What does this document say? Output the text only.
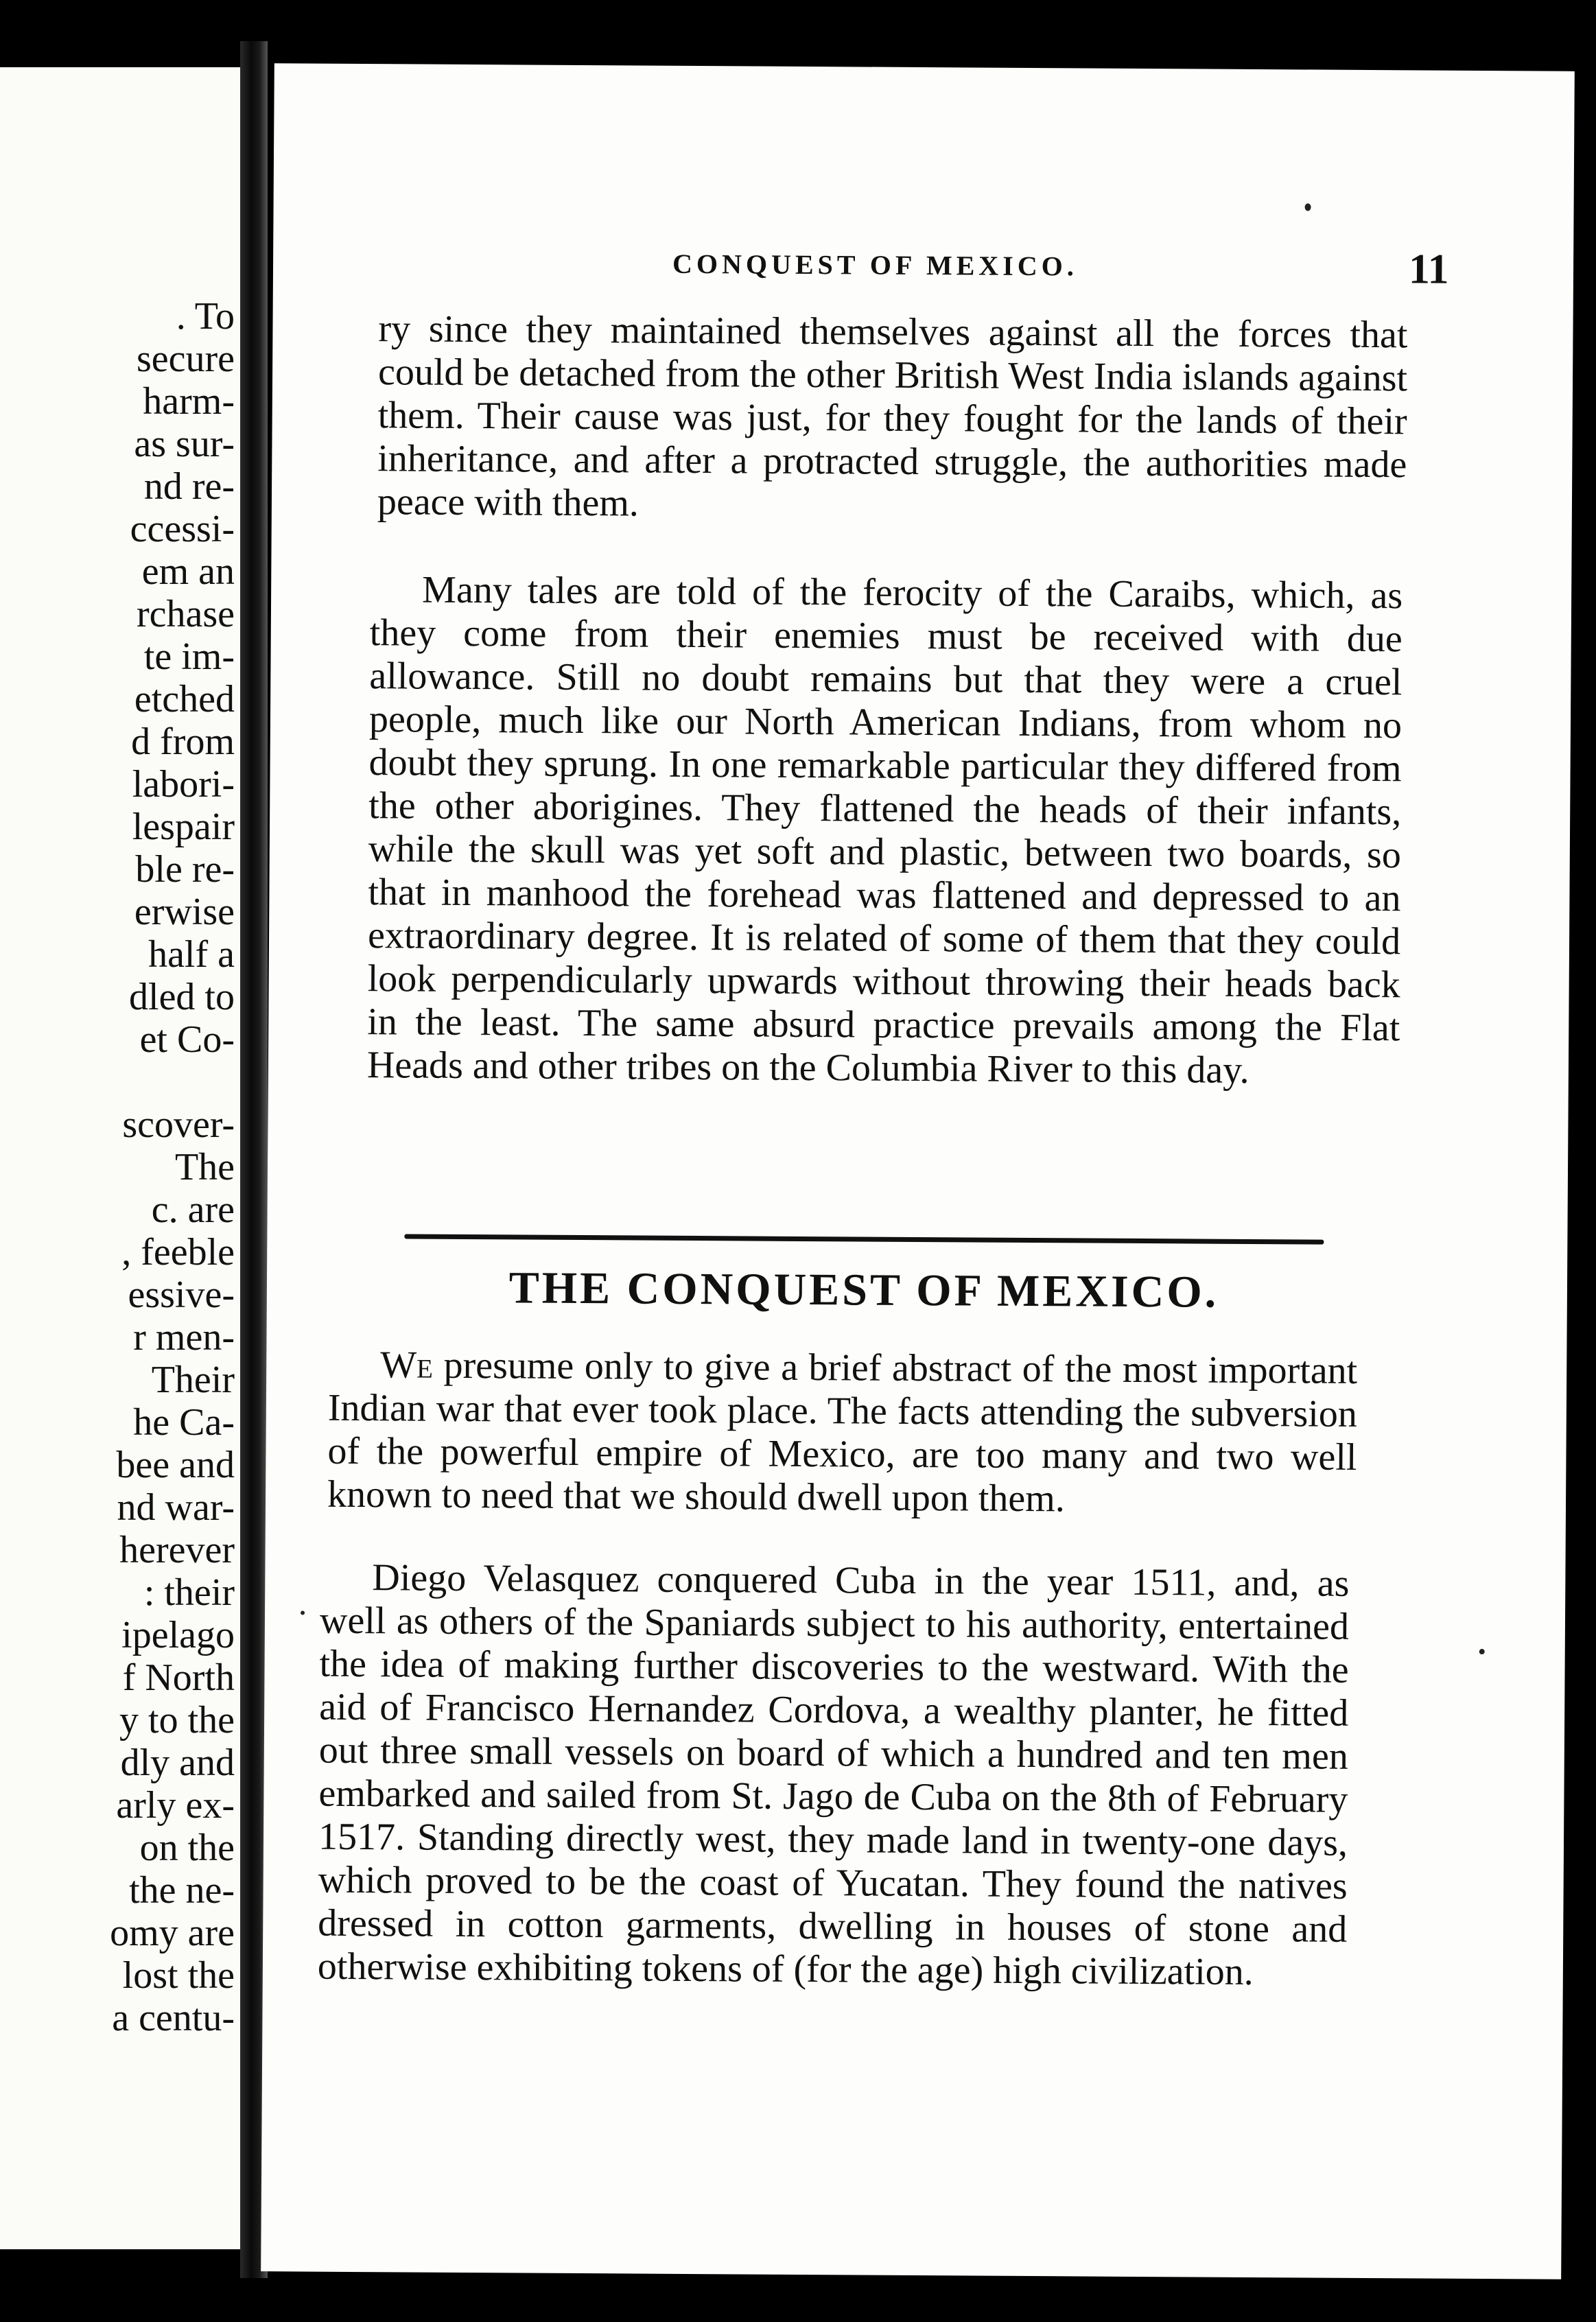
. To
secure
harm-
as sur-
nd re-
ccessi-
em an
rchase
te im-
etched
d from
labori-
lespair
ble re-
erwise
half a
dled to
et Co-
scover-
The
c. are
, feeble
essive-
r men-
Their
he Ca-
bee and
nd war-
herever
: their
ipelago
f North
y to the
dly and
arly ex-
on the
the ne-
omy are
lost the
a centu-
CONQUEST OF MEXICO.	11

ry since they maintained themselves against all the forces that could be detached from the other British West India islands against them. Their cause was just, for they fought for the lands of their inheritance, and after a protracted struggle, the authorities made peace with them.

Many tales are told of the ferocity of the Caraibs, which, as they come from their enemies must be received with due allowance. Still no doubt remains but that they were a cruel people, much like our North American Indians, from whom no doubt they sprung. In one remarkable particular they differed from the other aborigines. They flattened the heads of their infants, while the skull was yet soft and plastic, between two boards, so that in manhood the forehead was flattened and depressed to an extraordinary degree. It is related of some of them that they could look perpendicularly upwards without throwing their heads back in the least. The same absurd practice prevails among the Flat Heads and other tribes on the Columbia River to this day.

THE CONQUEST OF MEXICO.

We presume only to give a brief abstract of the most important Indian war that ever took place. The facts attending the subversion of the powerful empire of Mexico, are too many and two well known to need that we should dwell upon them.

Diego Velasquez conquered Cuba in the year 1511, and, as well as others of the Spaniards subject to his authority, entertained the idea of making further discoveries to the westward. With the aid of Francisco Hernandez Cordova, a wealthy planter, he fitted out three small vessels on board of which a hundred and ten men embarked and sailed from St. Jago de Cuba on the 8th of February 1517. Standing directly west, they made land in twenty-one days, which proved to be the coast of Yucatan. They found the natives dressed in cotton garments, dwelling in houses of stone and otherwise exhibiting tokens of (for the age) high civilization.
